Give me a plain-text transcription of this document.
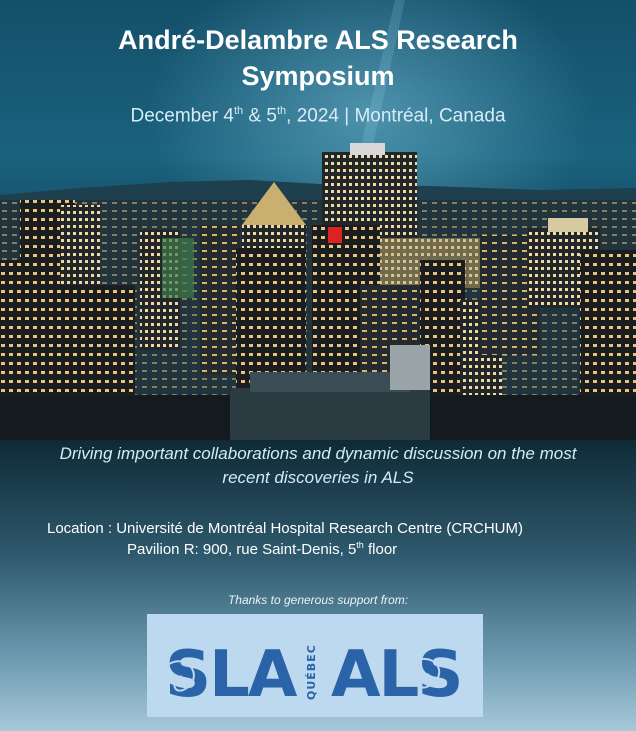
André-Delambre ALS Research
Symposium
December 4th & 5th, 2024 | Montréal, Canada
Driving important collaborations and dynamic discussion on the most
recent discoveries in ALS
Location : Université de Montréal Hospital Research Centre (CRCHUM)
Pavilion R: 900, rue Saint-Denis, 5th floor
Thanks to generous support from:
SLA QUÉBEC ALS
